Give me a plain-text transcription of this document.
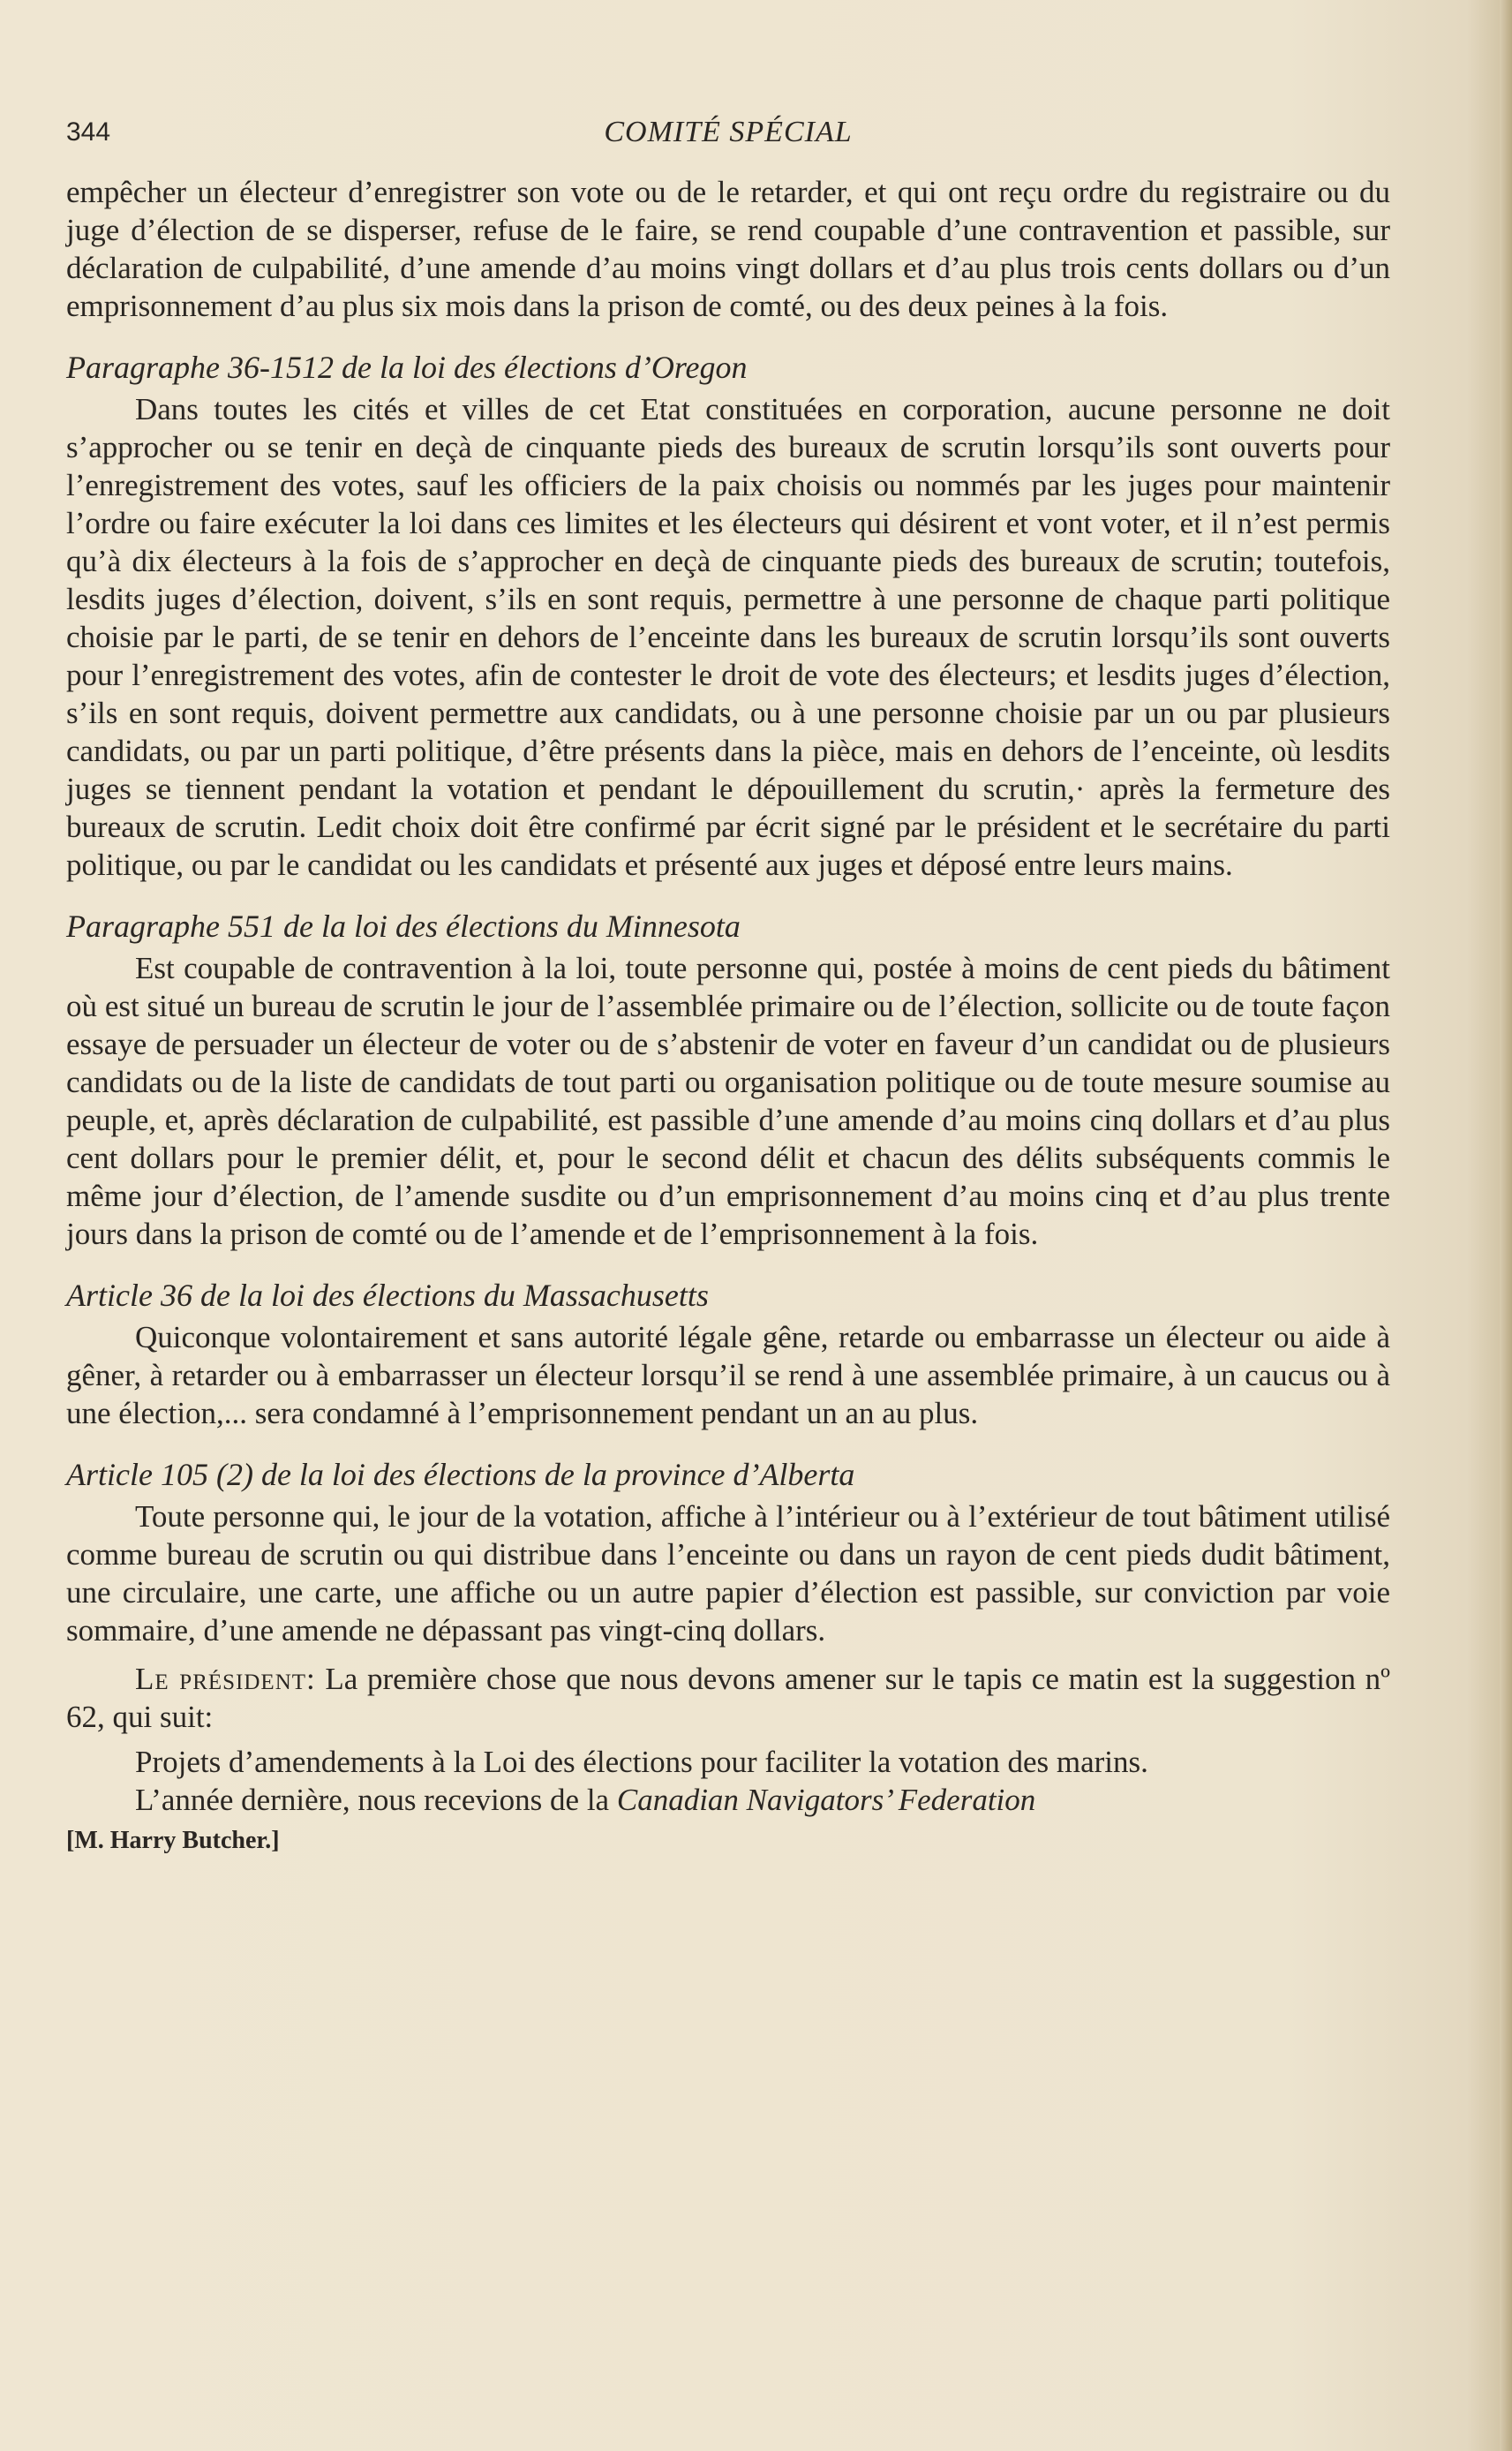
344	COMITÉ SPÉCIAL

empêcher un électeur d’enregistrer son vote ou de le retarder, et qui ont reçu ordre du registraire ou du juge d’élection de se disperser, refuse de le faire, se rend coupable d’une contravention et passible, sur déclaration de culpabilité, d’une amende d’au moins vingt dollars et d’au plus trois cents dollars ou d’un emprisonnement d’au plus six mois dans la prison de comté, ou des deux peines à la fois.

Paragraphe 36-1512 de la loi des élections d’Oregon

Dans toutes les cités et villes de cet Etat constituées en corporation, aucune personne ne doit s’approcher ou se tenir en deçà de cinquante pieds des bureaux de scrutin lorsqu’ils sont ouverts pour l’enregistrement des votes, sauf les officiers de la paix choisis ou nommés par les juges pour maintenir l’ordre ou faire exécuter la loi dans ces limites et les électeurs qui désirent et vont voter, et il n’est permis qu’à dix électeurs à la fois de s’approcher en deçà de cinquante pieds des bureaux de scrutin; toutefois, lesdits juges d’élection, doivent, s’ils en sont requis, permettre à une personne de chaque parti politique choisie par le parti, de se tenir en dehors de l’enceinte dans les bureaux de scrutin lorsqu’ils sont ouverts pour l’enregistrement des votes, afin de contester le droit de vote des électeurs; et lesdits juges d’élection, s’ils en sont requis, doivent permettre aux candidats, ou à une personne choisie par un ou par plusieurs candidats, ou par un parti politique, d’être présents dans la pièce, mais en dehors de l’enceinte, où lesdits juges se tiennent pendant la votation et pendant le dépouillement du scrutin,· après la fermeture des bureaux de scrutin. Ledit choix doit être confirmé par écrit signé par le président et le secrétaire du parti politique, ou par le candidat ou les candidats et présenté aux juges et déposé entre leurs mains.

Paragraphe 551 de la loi des élections du Minnesota

Est coupable de contravention à la loi, toute personne qui, postée à moins de cent pieds du bâtiment où est situé un bureau de scrutin le jour de l’assemblée primaire ou de l’élection, sollicite ou de toute façon essaye de persuader un électeur de voter ou de s’abstenir de voter en faveur d’un candidat ou de plusieurs candidats ou de la liste de candidats de tout parti ou organisation politique ou de toute mesure soumise au peuple, et, après déclaration de culpabilité, est passible d’une amende d’au moins cinq dollars et d’au plus cent dollars pour le premier délit, et, pour le second délit et chacun des délits subséquents commis le même jour d’élection, de l’amende susdite ou d’un emprisonnement d’au moins cinq et d’au plus trente jours dans la prison de comté ou de l’amende et de l’emprisonnement à la fois.

Article 36 de la loi des élections du Massachusetts

Quiconque volontairement et sans autorité légale gêne, retarde ou embarrasse un électeur ou aide à gêner, à retarder ou à embarrasser un électeur lorsqu’il se rend à une assemblée primaire, à un caucus ou à une élection,... sera condamné à l’emprisonnement pendant un an au plus.

Article 105 (2) de la loi des élections de la province d’Alberta

Toute personne qui, le jour de la votation, affiche à l’intérieur ou à l’extérieur de tout bâtiment utilisé comme bureau de scrutin ou qui distribue dans l’enceinte ou dans un rayon de cent pieds dudit bâtiment, une circulaire, une carte, une affiche ou un autre papier d’élection est passible, sur conviction par voie sommaire, d’une amende ne dépassant pas vingt-cinq dollars.

Le président: La première chose que nous devons amener sur le tapis ce matin est la suggestion nº 62, qui suit:

Projets d’amendements à la Loi des élections pour faciliter la votation des marins.

L’année dernière, nous recevions de la Canadian Navigators’ Federation

[M. Harry Butcher.]
